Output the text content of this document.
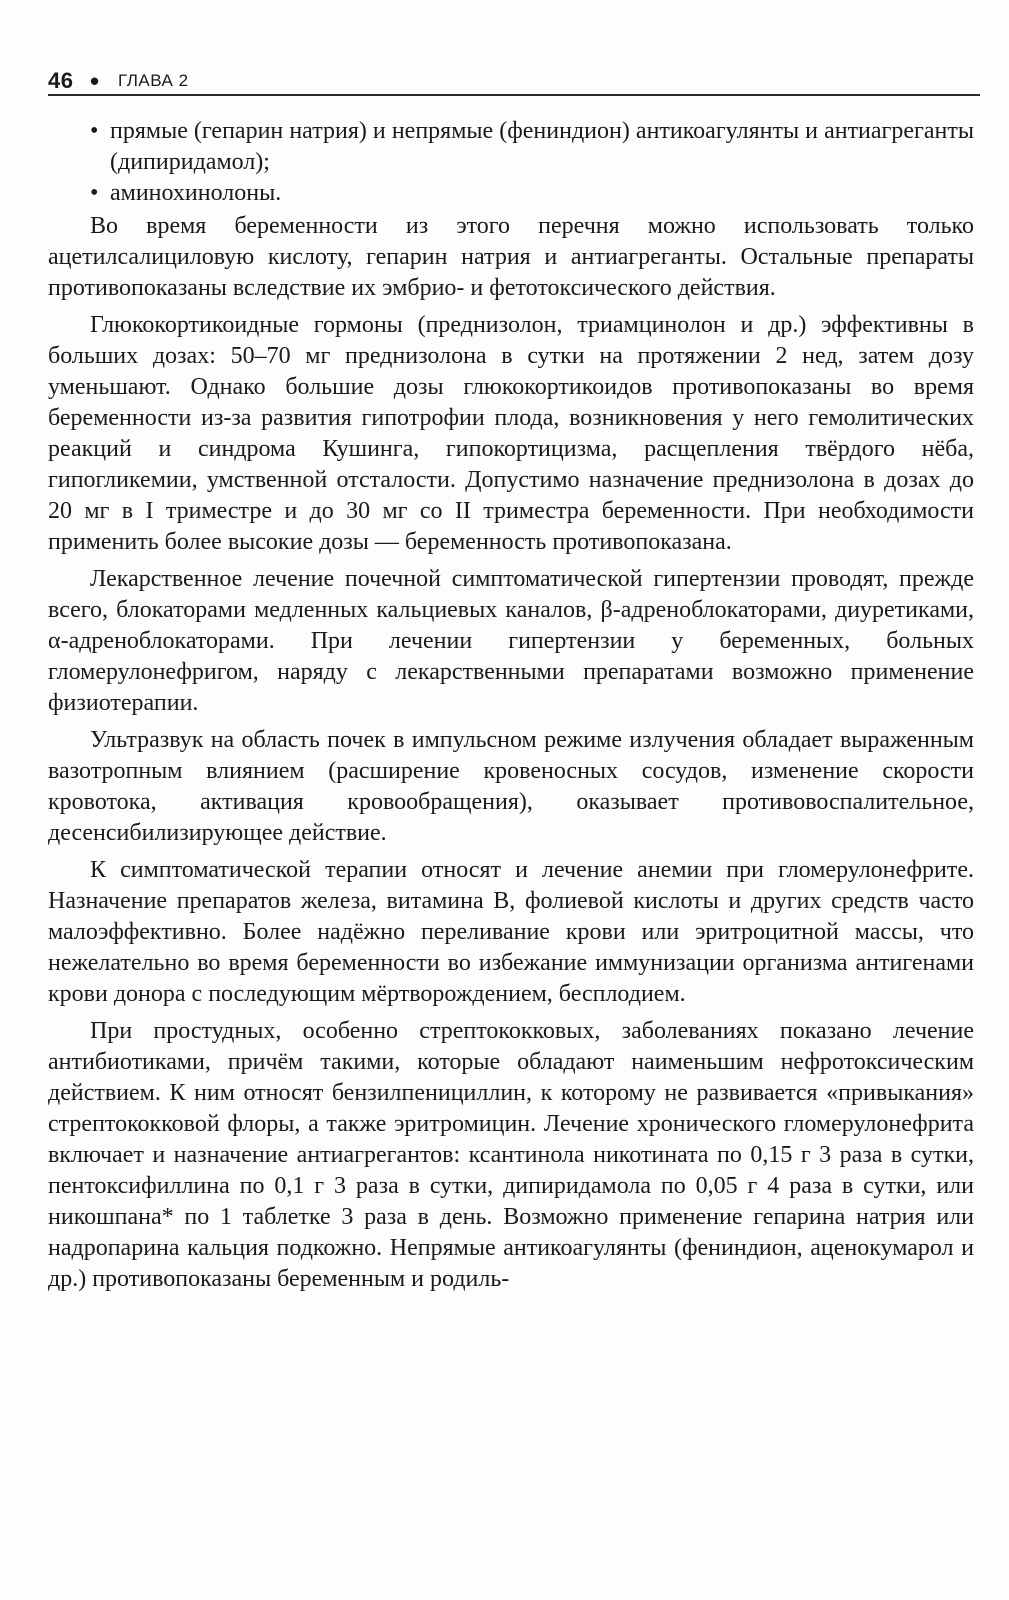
46 • ГЛАВА 2
• прямые (гепарин натрия) и непрямые (фениндион) антикоагулянты и антиагреганты (дипиридамол);
• аминохинолоны.

Во время беременности из этого перечня можно использовать только ацетилсалициловую кислоту, гепарин натрия и антиагреганты. Остальные препараты противопоказаны вследствие их эмбрио- и фетотоксического действия.

Глюкокортикоидные гормоны (преднизолон, триамцинолон и др.) эффективны в больших дозах: 50–70 мг преднизолона в сутки на протяжении 2 нед, затем дозу уменьшают. Однако большие дозы глюкокортикоидов противопоказаны во время беременности из-за развития гипотрофии плода, возникновения у него гемолитических реакций и синдрома Кушинга, гипокортицизма, расщепления твёрдого нёба, гипогликемии, умственной отсталости. Допустимо назначение преднизолона в дозах до 20 мг в I триместре и до 30 мг со II триместра беременности. При необходимости применить более высокие дозы — беременность противопоказана.

Лекарственное лечение почечной симптоматической гипертензии проводят, прежде всего, блокаторами медленных кальциевых каналов, β-адреноблокаторами, диуретиками, α-адреноблокаторами. При лечении гипертензии у беременных, больных гломерулонефригом, наряду с лекарственными препаратами возможно применение физиотерапии.

Ультразвук на область почек в импульсном режиме излучения обладает выраженным вазотропным влиянием (расширение кровеносных сосудов, изменение скорости кровотока, активация кровообращения), оказывает противовоспалительное, десенсибилизирующее действие.

К симптоматической терапии относят и лечение анемии при гломерулонефрите. Назначение препаратов железа, витамина В, фолиевой кислоты и других средств часто малоэффективно. Более надёжно переливание крови или эритроцитной массы, что нежелательно во время беременности во избежание иммунизации организма антигенами крови донора с последующим мёртворождением, бесплодием.

При простудных, особенно стрептококковых, заболеваниях показано лечение антибиотиками, причём такими, которые обладают наименьшим нефротоксическим действием. К ним относят бензилпенициллин, к которому не развивается «привыкания» стрептококковой флоры, а также эритромицин. Лечение хронического гломерулонефрита включает и назначение антиагрегантов: ксантинола никотината по 0,15 г 3 раза в сутки, пентоксифиллина по 0,1 г 3 раза в сутки, дипиридамола по 0,05 г 4 раза в сутки, или никошпана* по 1 таблетке 3 раза в день. Возможно применение гепарина натрия или надропарина кальция подкожно. Непрямые антикоагулянты (фениндион, аценокумарол и др.) противопоказаны беременным и родиль-
